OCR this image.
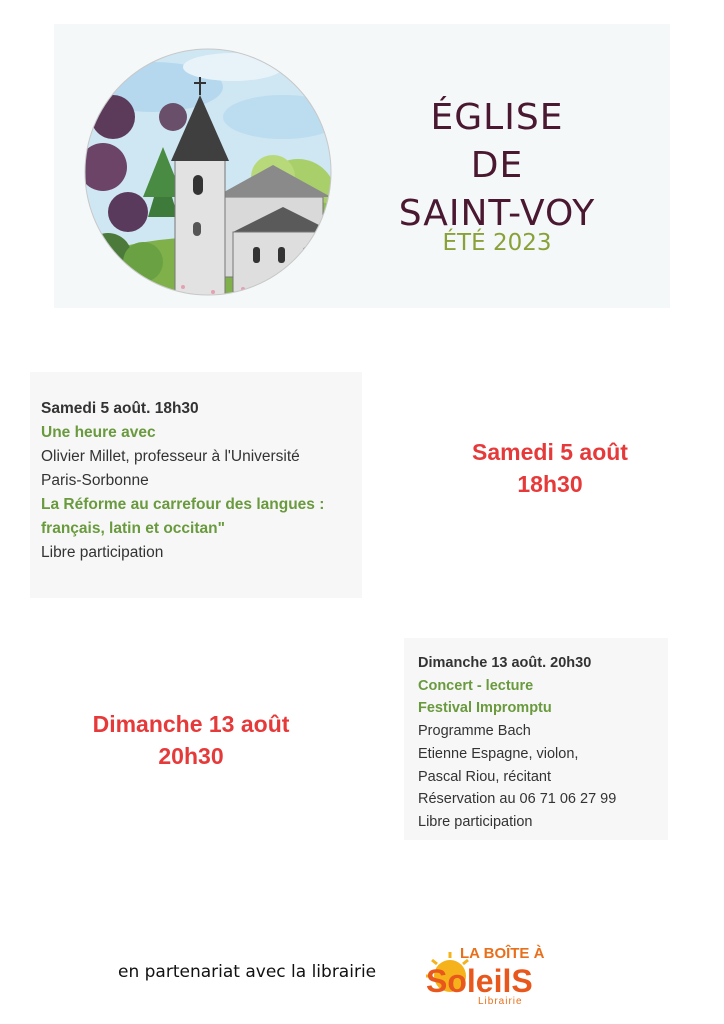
ÉGLISE
DE
SAINT-VOY
ÉTÉ 2023
Samedi 5 août. 18h30
Une heure avec
Olivier Millet, professeur à l'Université
Paris-Sorbonne
La Réforme au carrefour des langues :
français, latin et occitan"
Libre participation
Samedi 5 août
18h30
Dimanche 13 août. 20h30
Concert - lecture
Festival Impromptu
Programme Bach
Etienne Espagne, violon,
Pascal Riou, récitant
Réservation au 06 71 06 27 99
Libre participation
Dimanche 13 août
20h30
en partenariat avec la librairie
LA BOÎTE À
SoleilS
Librairie
